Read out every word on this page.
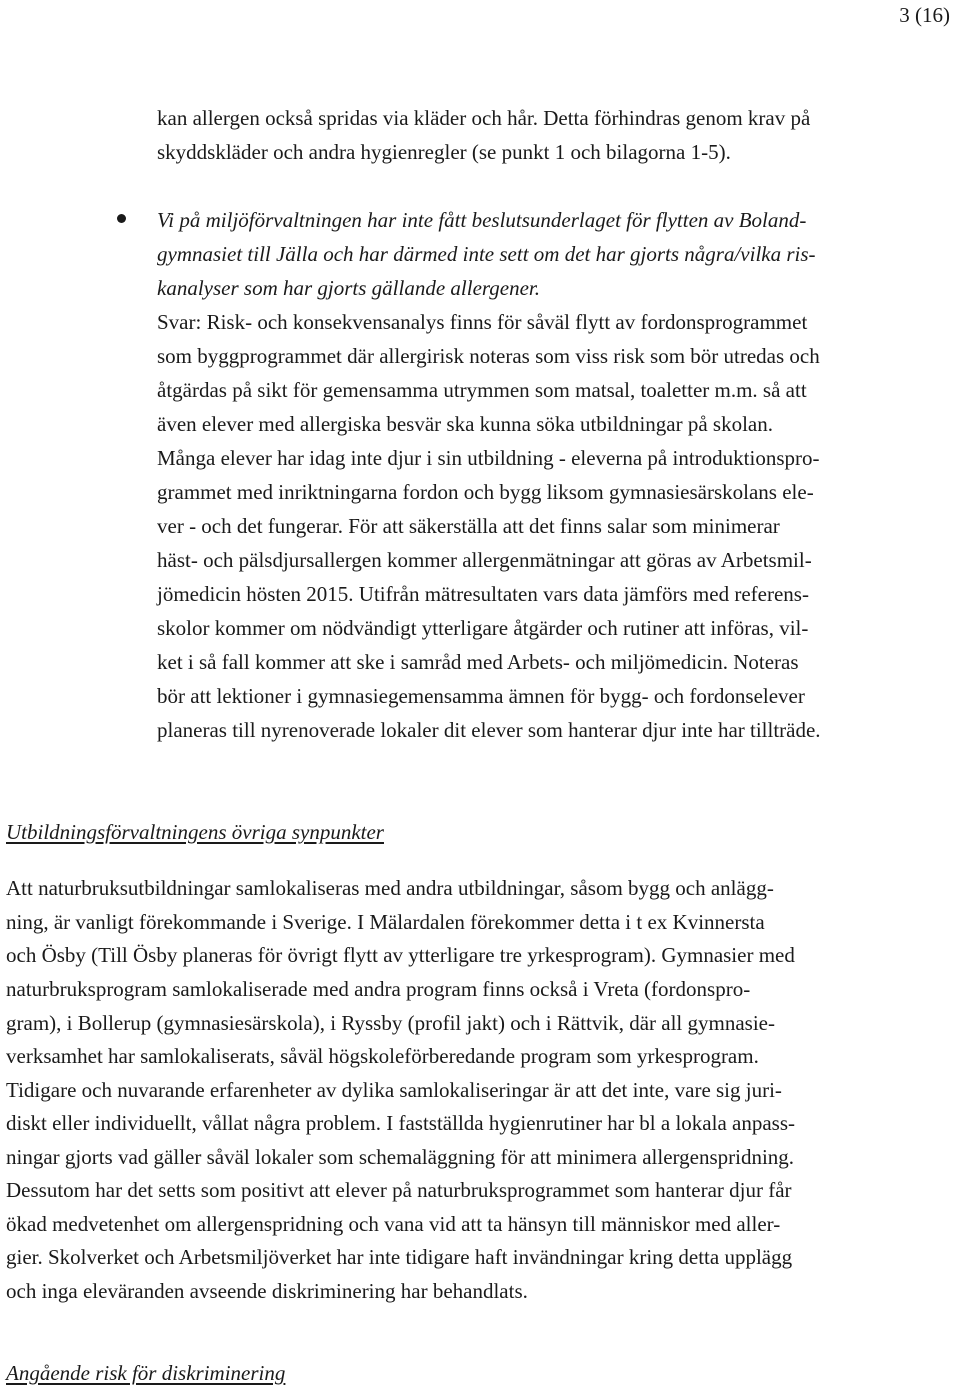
3 (16)
kan allergen också spridas via kläder och hår. Detta förhindras genom krav på
skyddskläder och andra hygienregler (se punkt 1 och bilagorna 1-5).
Vi på miljöförvaltningen har inte fått beslutsunderlaget för flytten av Boland-
gymnasiet till Jälla och har därmed inte sett om det har gjorts några/vilka ris-
kanalyser som har gjorts gällande allergener.
Svar: Risk- och konsekvensanalys finns för såväl flytt av fordonsprogrammet
som byggprogrammet där allergirisk noteras som viss risk som bör utredas och
åtgärdas på sikt för gemensamma utrymmen som matsal, toaletter m.m. så att
även elever med allergiska besvär ska kunna söka utbildningar på skolan.
Många elever har idag inte djur i sin utbildning - eleverna på introduktionspro-
grammet med inriktningarna fordon och bygg liksom gymnasiesärskolans ele-
ver - och det fungerar. För att säkerställa att det finns salar som minimerar
häst- och pälsdjursallergen kommer allergenmätningar att göras av Arbetsmil-
jömedicin hösten 2015. Utifrån mätresultaten vars data jämförs med referens-
skolor kommer om nödvändigt ytterligare åtgärder och rutiner att införas, vil-
ket i så fall kommer att ske i samråd med Arbets- och miljömedicin. Noteras
bör att lektioner i gymnasiegemensamma ämnen för bygg- och fordonselever
planeras till nyrenoverade lokaler dit elever som hanterar djur inte har tillträde.
Utbildningsförvaltningens övriga synpunkter
Att naturbruksutbildningar samlokaliseras med andra utbildningar, såsom bygg och anlägg-
ning, är vanligt förekommande i Sverige. I Mälardalen förekommer detta i t ex Kvinnersta
och Ösby (Till Ösby planeras för övrigt flytt av ytterligare tre yrkesprogram). Gymnasier med
naturbruksprogram samlokaliserade med andra program finns också i Vreta (fordonspro-
gram), i Bollerup (gymnasiesärskola), i Ryssby (profil jakt) och i Rättvik, där all gymnasie-
verksamhet har samlokaliserats, såväl högskoleförberedande program som yrkesprogram.
Tidigare och nuvarande erfarenheter av dylika samlokaliseringar är att det inte, vare sig juri-
diskt eller individuellt, vållat några problem. I fastställda hygienrutiner har bl a lokala anpass-
ningar gjorts vad gäller såväl lokaler som schemaläggning för att minimera allergenspridning.
Dessutom har det setts som positivt att elever på naturbruksprogrammet som hanterar djur får
ökad medvetenhet om allergenspridning och vana vid att ta hänsyn till människor med aller-
gier. Skolverket och Arbetsmiljöverket har inte tidigare haft invändningar kring detta upplägg
och inga eleväranden avseende diskriminering har behandlats.
Angående risk för diskriminering
